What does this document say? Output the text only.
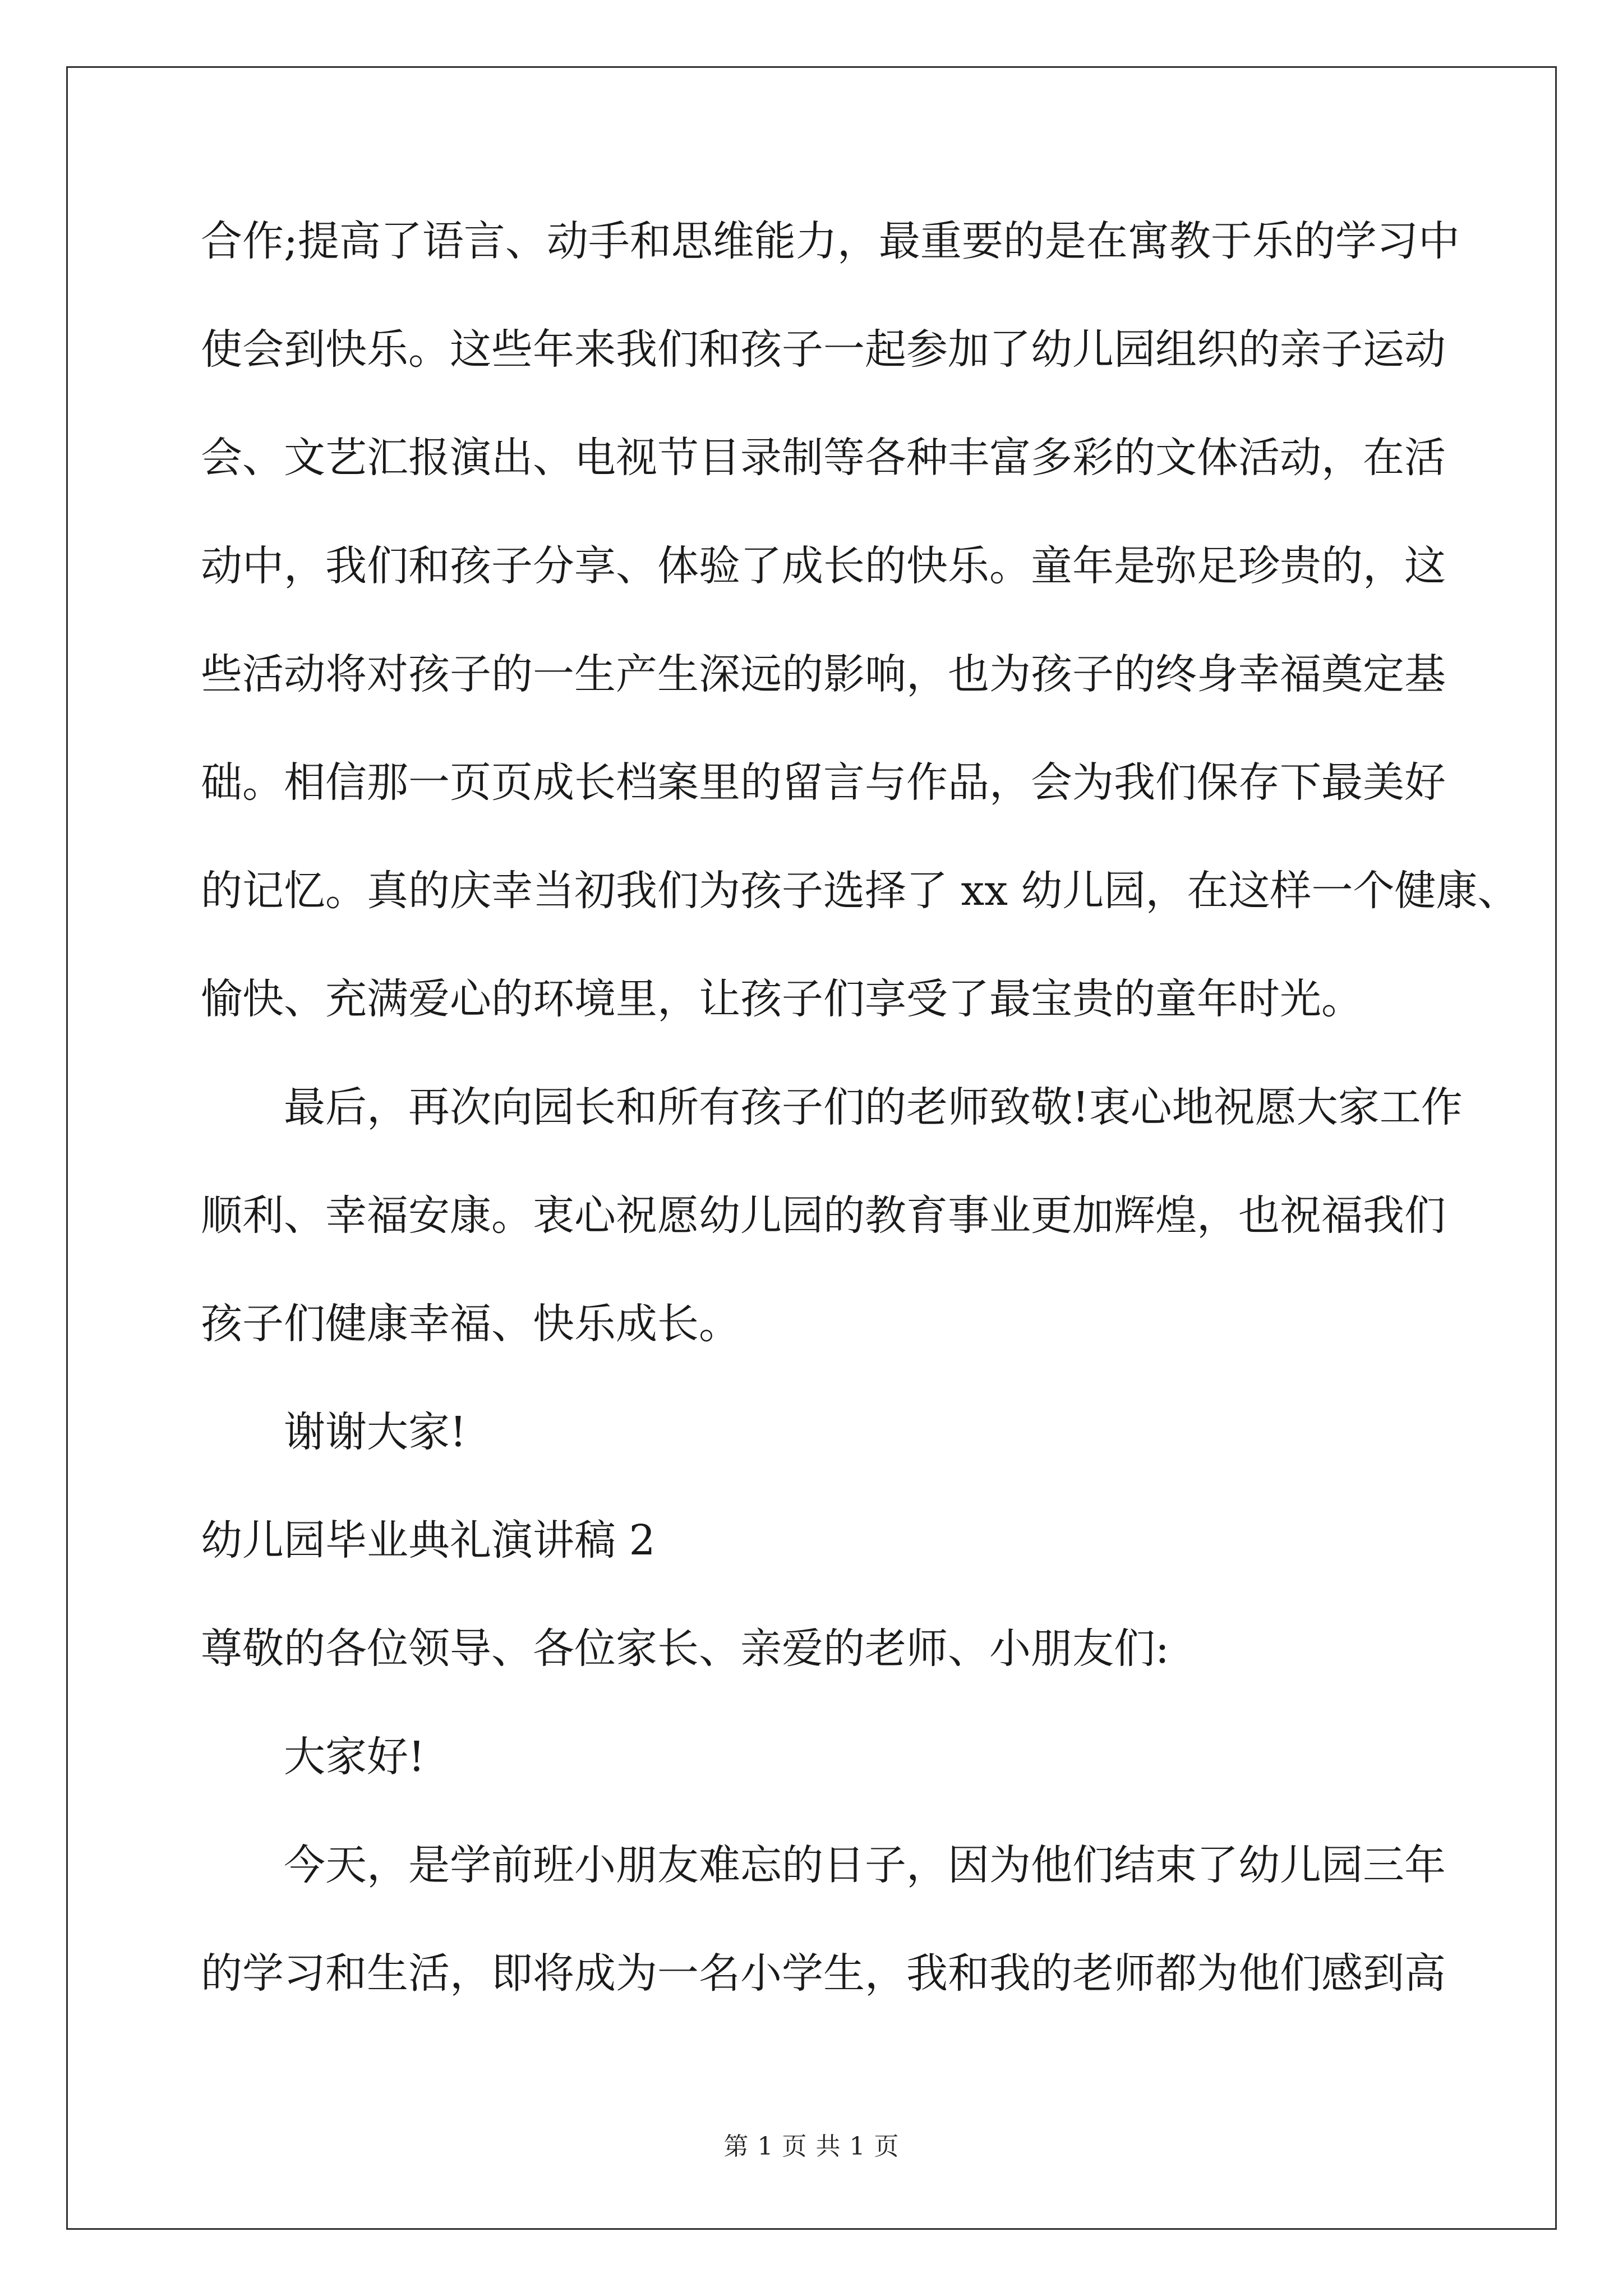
合作;提高了语言、动手和思维能力，最重要的是在寓教于乐的学习中
使会到快乐。这些年来我们和孩子一起参加了幼儿园组织的亲子运动
会、文艺汇报演出、电视节目录制等各种丰富多彩的文体活动，在活
动中，我们和孩子分享、体验了成长的快乐。童年是弥足珍贵的，这
些活动将对孩子的一生产生深远的影响，也为孩子的终身幸福奠定基
础。相信那一页页成长档案里的留言与作品，会为我们保存下最美好
的记忆。真的庆幸当初我们为孩子选择了 xx 幼儿园，在这样一个健康、
愉快、充满爱心的环境里，让孩子们享受了最宝贵的童年时光。
最后，再次向园长和所有孩子们的老师致敬!衷心地祝愿大家工作
顺利、幸福安康。衷心祝愿幼儿园的教育事业更加辉煌，也祝福我们
孩子们健康幸福、快乐成长。
谢谢大家!
幼儿园毕业典礼演讲稿 2
尊敬的各位领导、各位家长、亲爱的老师、小朋友们:
大家好!
今天，是学前班小朋友难忘的日子，因为他们结束了幼儿园三年
的学习和生活，即将成为一名小学生，我和我的老师都为他们感到高
第 1 页 共 1 页
